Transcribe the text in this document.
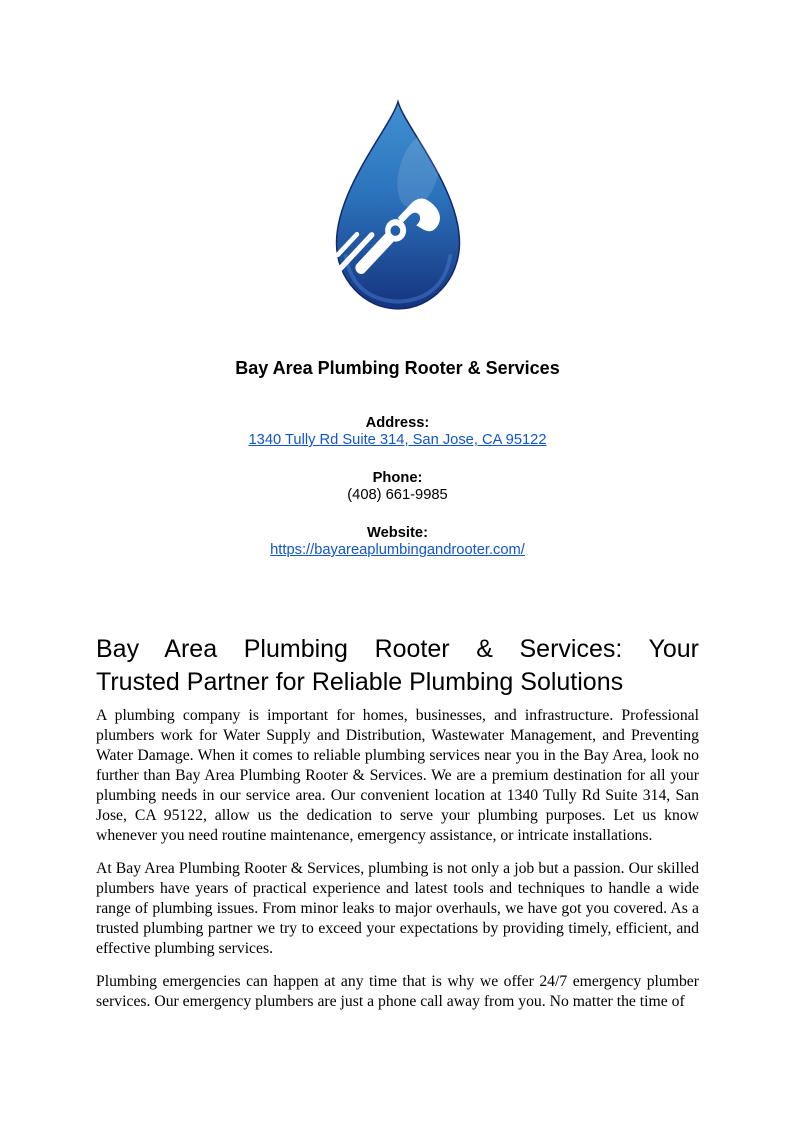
Bay Area Plumbing Rooter & Services
Address:
1340 Tully Rd Suite 314, San Jose, CA 95122
Phone:
(408) 661-9985
Website:
https://bayareaplumbingandrooter.com/
Bay Area Plumbing Rooter & Services: Your
Trusted Partner for Reliable Plumbing Solutions

A plumbing company is important for homes, businesses, and infrastructure. Professional plumbers work for Water Supply and Distribution, Wastewater Management, and Preventing Water Damage. When it comes to reliable plumbing services near you in the Bay Area, look no further than Bay Area Plumbing Rooter & Services. We are a premium destination for all your plumbing needs in our service area. Our convenient location at 1340 Tully Rd Suite 314, San Jose, CA 95122, allow us the dedication to serve your plumbing purposes. Let us know whenever you need routine maintenance, emergency assistance, or intricate installations.

At Bay Area Plumbing Rooter & Services, plumbing is not only a job but a passion. Our skilled plumbers have years of practical experience and latest tools and techniques to handle a wide range of plumbing issues. From minor leaks to major overhauls, we have got you covered. As a trusted plumbing partner we try to exceed your expectations by providing timely, efficient, and effective plumbing services.

Plumbing emergencies can happen at any time that is why we offer 24/7 emergency plumber services. Our emergency plumbers are just a phone call away from you. No matter the time of
